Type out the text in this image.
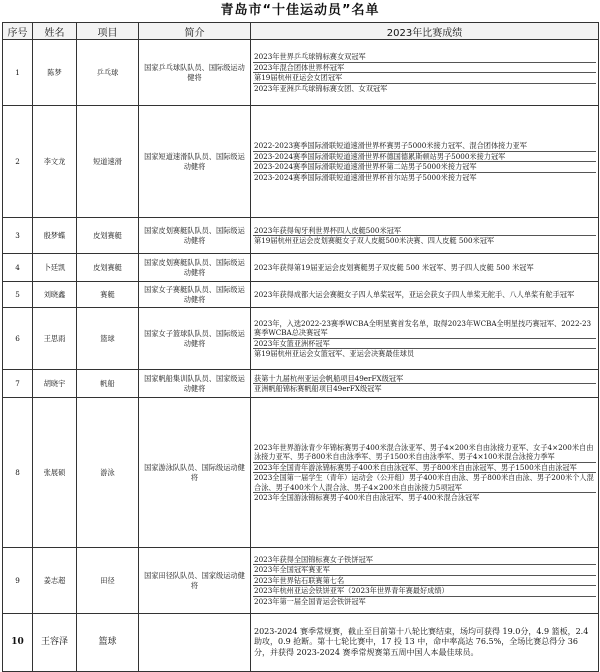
青岛市“十佳运动员”名单
序号	姓名	项目	简介	2023年比赛成绩
1	陈梦	乒乓球	国家乒乓球队队员、国际级运动健将	2023年世界乒乓球锦标赛女双冠军
2023年混合团体世界杯冠军
第19届杭州亚运会女团冠军
2023年亚洲乒乓球锦标赛女团、女双冠军

2	李文龙	短道速滑	国家短道速滑队队员、国际级运动健将	2022-2023赛季国际滑联短道速滑世界杯赛男子5000米接力冠军、混合团体接力亚军
2023-2024赛季国际滑联短道速滑世界杯德国德累斯顿站男子5000米接力冠军
2023-2024赛季国际滑联短道速滑世界杯第二站男子5000米接力冠军
2023-2024赛季国际滑联短道速滑世界杯首尔站男子5000米接力冠军

3	殷梦蝶	皮划赛艇	国家皮划赛艇队队员、国际级运动健将	2023年获得匈牙利世界杯四人皮艇500米冠军
第19届杭州亚运会皮划赛艇女子双人皮艇500米决赛、四人皮艇 500米冠军

4	卜廷凯	皮划赛艇	国家皮划赛艇队队员、国际级运动健将	2023年获得第19届亚运会皮划赛艇男子双皮艇 500 米冠军、男子四人皮艇 500 米冠军

5	刘晓鑫	赛艇	国家女子赛艇队队员、国际级运动健将	2023年获得成都大运会赛艇女子四人单桨冠军，亚运会获女子四人单桨无舵手、八人单桨有舵手冠军

6	王思雨	篮球	国家女子篮球队队员、国际级运动健将	2023年，入选2022-23赛季WCBA全明星赛首发名单，取得2023年WCBA全明星技巧赛冠军、2022-23赛季WCBA总决赛冠军
2023年女篮亚洲杯冠军
第19届杭州亚运会女篮冠军、亚运会决赛最佳球员

7	胡晓宇	帆船	国家帆船集训队队员、国家级运动健将	获第十九届杭州亚运会帆船项目49erFX级冠军
亚洲帆船锦标赛帆船项目49erFX级冠军

8	张展硕	游泳	国家游泳队队员、国际级运动健将	2023年世界游泳青少年锦标赛男子400米混合泳亚军、男子4×200米自由泳接力亚军、女子4×200米自由泳接力亚军、男子800米自由泳季军、男子1500米自由泳季军、男子4×100米混合泳接力季军
2023年全国青年游泳锦标赛男子400米自由泳冠军、男子800米自由泳冠军、男子1500米自由泳冠军
2023全国第一届学生（青年）运动会（公开组）男子400米自由泳、男子800米自由泳、男子200米个人混合泳、男子400米个人混合泳、男子4×200米自由泳接力5项冠军
2023年全国游泳锦标赛男子400米自由泳冠军、男子400米混合泳冠军

9	姜志超	田径	国家田径队队员、国家级运动健将	2023年获得全国锦标赛女子铁饼冠军
2023年全国冠军赛亚军
2023年世界钻石联赛第七名
2023年杭州亚运会铁饼亚军（2023年世界青年赛最好成绩）
2023年第一届全国青运会铁饼冠军

10	王容泽	篮球		2023-2024 赛季常规赛，截止至目前第十八轮比赛结束，场均可获得 19.0分，4.9 篮板，2.4 助攻，0.9 抢断。第十七轮比赛中，17 投 13 中，命中率高达 76.5%，全场比赛总得分 36 分，并获得 2023-2024 赛季常规赛第五周中国人本最佳球员。
